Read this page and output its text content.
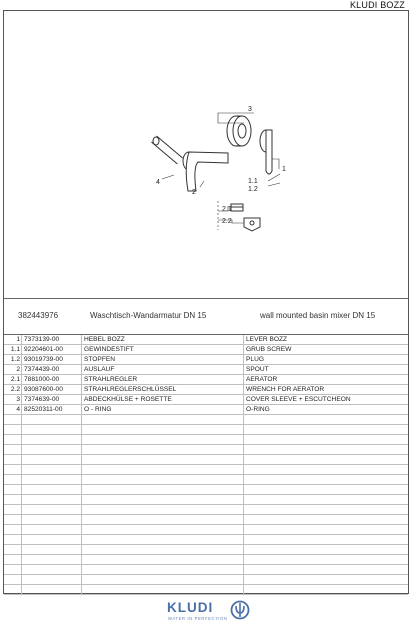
KLUDI BOZZ
3
1
1.1
1.2
4
2
2.1
2.2
382443976	Waschtisch-Wandarmatur DN 15	wall mounted basin mixer DN 15
1 7373139-00	HEBEL BOZZ	LEVER BOZZ
1.1 92204601-00	GEWINDESTIFT	GRUB SCREW
1.2 93019739-00	STOPFEN	PLUG
2 7374439-00	AUSLAUF	SPOUT
2.1 7881000-00	STRAHLREGLER	AERATOR
2.2 93087600-00	STRAHLREGLERSCHLÜSSEL	WRENCH FOR AERATOR
3 7374639-00	ABDECKHÜLSE + ROSETTE	COVER SLEEVE + ESCUTCHEON
4 82520311-00	O - RING	O-RING
KLUDI
WATER IN PERFECTION
